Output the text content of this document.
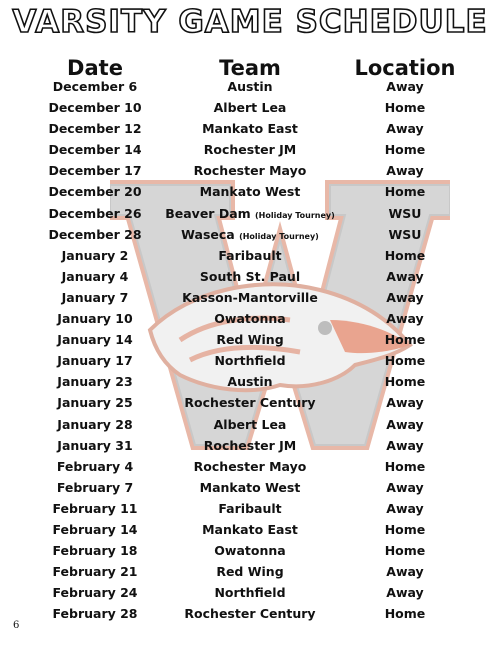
VARSITY GAME SCHEDULE
Date	Team	Location
December 6	Austin	Away
December 10	Albert Lea	Home
December 12	Mankato East	Away
December 14	Rochester JM	Home
December 17	Rochester Mayo	Away
December 20	Mankato West	Home
December 26	Beaver Dam (Holiday Tourney)	WSU
December 28	Waseca (Holiday Tourney)	WSU
January 2	Faribault	Home
January 4	South St. Paul	Away
January 7	Kasson-Mantorville	Away
January 10	Owatonna	Away
January 14	Red Wing	Home
January 17	Northfield	Home
January 23	Austin	Home
January 25	Rochester Century	Away
January 28	Albert Lea	Away
January 31	Rochester JM	Away
February 4	Rochester Mayo	Home
February 7	Mankato West	Away
February 11	Faribault	Away
February 14	Mankato East	Home
February 18	Owatonna	Home
February 21	Red Wing	Away
February 24	Northfield	Away
February 28	Rochester Century	Home
6
